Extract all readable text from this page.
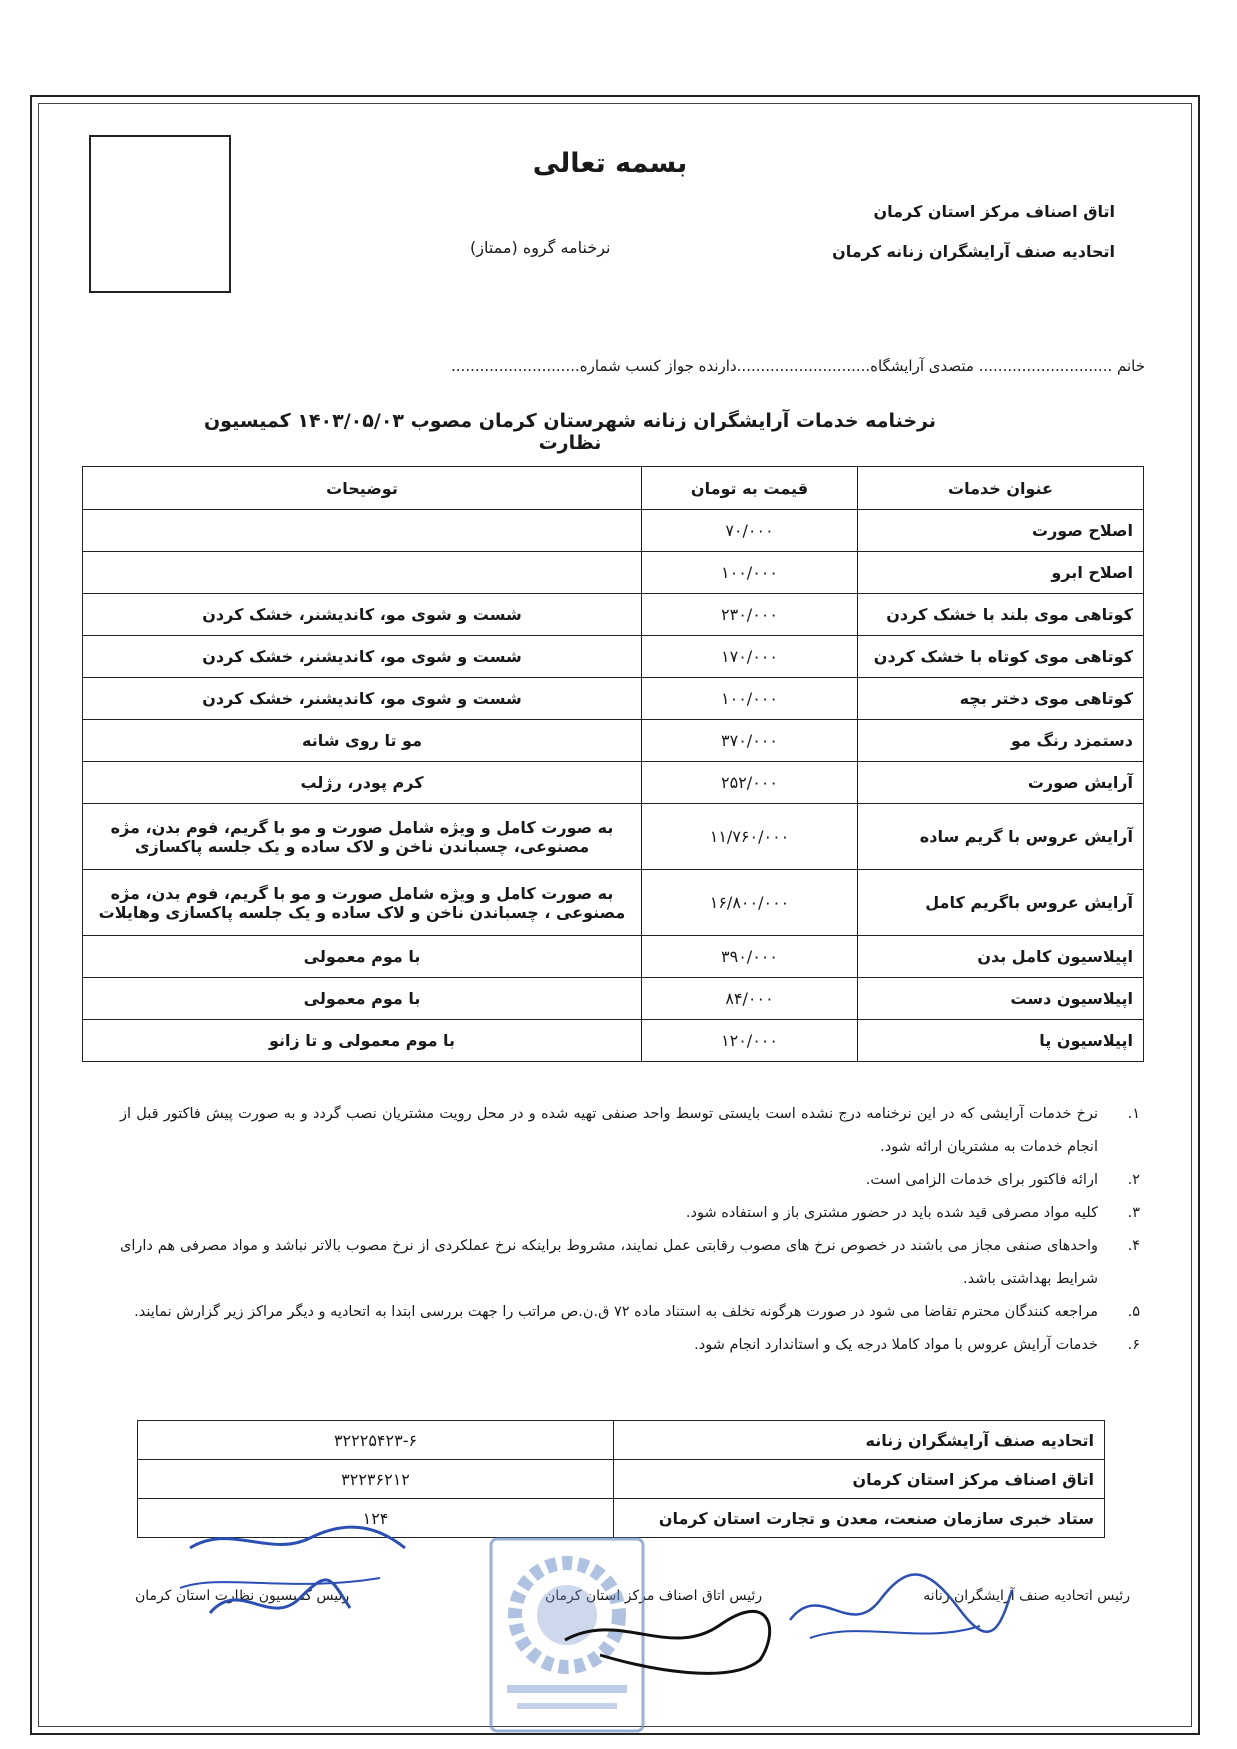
بسمه تعالی
اتاق اصناف مرکز استان کرمان
اتحادیه صنف آرایشگران زنانه کرمان
نرخنامه گروه (ممتاز)
خانم ............................ متصدی آرایشگاه............................دارنده جواز کسب شماره...........................
نرخنامه خدمات آرایشگران زنانه شهرستان کرمان مصوب ۱۴۰۳/۰۵/۰۳ کمیسیون نظارت
عنوان خدمات	قیمت به تومان	توضیحات
اصلاح صورت	۷۰/۰۰۰	
اصلاح ابرو	۱۰۰/۰۰۰	
کوتاهی موی بلند با خشک کردن	۲۳۰/۰۰۰	شست و شوی مو، کاندیشنر، خشک کردن
کوتاهی موی کوتاه با خشک کردن	۱۷۰/۰۰۰	شست و شوی مو، کاندیشنر، خشک کردن
کوتاهی موی دختر بچه	۱۰۰/۰۰۰	شست و شوی مو، کاندیشنر، خشک کردن
دستمزد رنگ مو	۳۷۰/۰۰۰	مو تا روی شانه
آرایش صورت	۲۵۲/۰۰۰	کرم پودر، رژلب
آرایش عروس با گریم ساده	۱۱/۷۶۰/۰۰۰	به صورت کامل و ویژه شامل صورت و مو با گریم، فوم بدن، مژه مصنوعی، چسباندن ناخن و لاک ساده و یک جلسه پاکسازی
آرایش عروس باگریم کامل	۱۶/۸۰۰/۰۰۰	به صورت کامل و ویژه شامل صورت و مو با گریم، فوم بدن، مژه مصنوعی ، چسباندن ناخن و لاک ساده و یک جلسه پاکسازی وهایلات
اپیلاسیون کامل بدن	۳۹۰/۰۰۰	با موم معمولی
اپیلاسیون دست	۸۴/۰۰۰	با موم معمولی
اپیلاسیون پا	۱۲۰/۰۰۰	با موم معمولی و تا زانو
۱.
نرخ خدمات آرایشی که در این نرخنامه درج نشده است بایستی توسط واحد صنفی تهیه شده و در محل رویت مشتریان نصب گردد و به صورت پیش فاکتور قبل از انجام خدمات به مشتریان ارائه شود.
۲.
ارائه فاکتور برای خدمات الزامی است.
۳.
کلیه مواد مصرفی قید شده باید در حضور مشتری باز و استفاده شود.
۴.
واحدهای صنفی مجاز می باشند در خصوص نرخ های مصوب رقابتی عمل نمایند، مشروط براینکه نرخ عملکردی از نرخ مصوب بالاتر نباشد و مواد مصرفی هم دارای شرایط بهداشتی باشد.
۵.
مراجعه کنندگان محترم تقاضا می شود در صورت هرگونه تخلف به استناد ماده ۷۲ ق.ن.ص مراتب را جهت بررسی ابتدا به اتحادیه و دیگر مراکز زیر گزارش نمایند.
۶.
خدمات آرایش عروس با مواد کاملا درجه یک و استاندارد انجام شود.
اتحادیه صنف آرایشگران زنانه	۳۲۲۲۵۴۲۳-۶
اتاق اصناف مرکز استان کرمان	۳۲۲۳۶۲۱۲
ستاد خبری سازمان صنعت، معدن و تجارت استان کرمان	۱۲۴
رئیس اتحادیه صنف آرایشگران زنانه
رئیس اتاق اصناف مرکز استان کرمان
رئیس کمیسیون نظارت استان کرمان
